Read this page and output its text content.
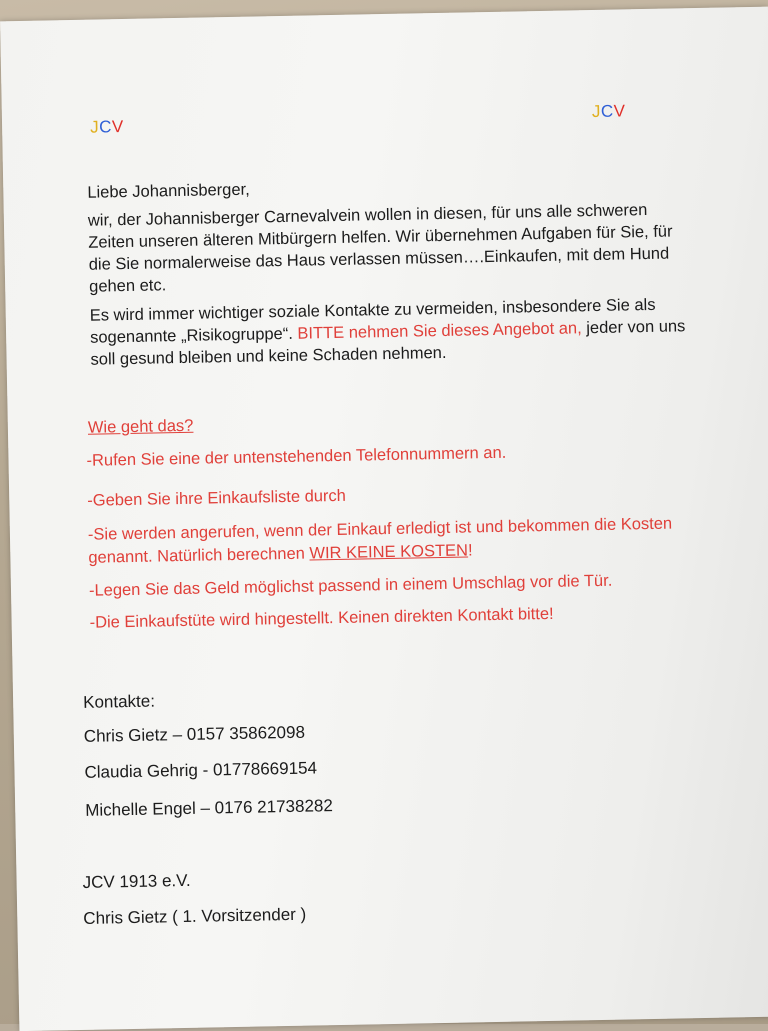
JCV
JCV
Liebe Johannisberger,
wir, der Johannisberger Carnevalvein wollen in diesen, für uns alle schweren Zeiten unseren älteren Mitbürgern helfen. Wir übernehmen Aufgaben für Sie, für die Sie normalerweise das Haus verlassen müssen….Einkaufen, mit dem Hund gehen etc.
Es wird immer wichtiger soziale Kontakte zu vermeiden, insbesondere Sie als sogenannte „Risikogruppe“. BITTE nehmen Sie dieses Angebot an, jeder von uns soll gesund bleiben und keine Schaden nehmen.
Wie geht das?
-Rufen Sie eine der untenstehenden Telefonnummern an.
-Geben Sie ihre Einkaufsliste durch
-Sie werden angerufen, wenn der Einkauf erledigt ist und bekommen die Kosten genannt. Natürlich berechnen WIR KEINE KOSTEN!
-Legen Sie das Geld möglichst passend in einem Umschlag vor die Tür.
-Die Einkaufstüte wird hingestellt. Keinen direkten Kontakt bitte!
Kontakte:
Chris Gietz – 0157 35862098
Claudia Gehrig - 01778669154
Michelle Engel – 0176 21738282
JCV 1913 e.V.
Chris Gietz ( 1. Vorsitzender )
